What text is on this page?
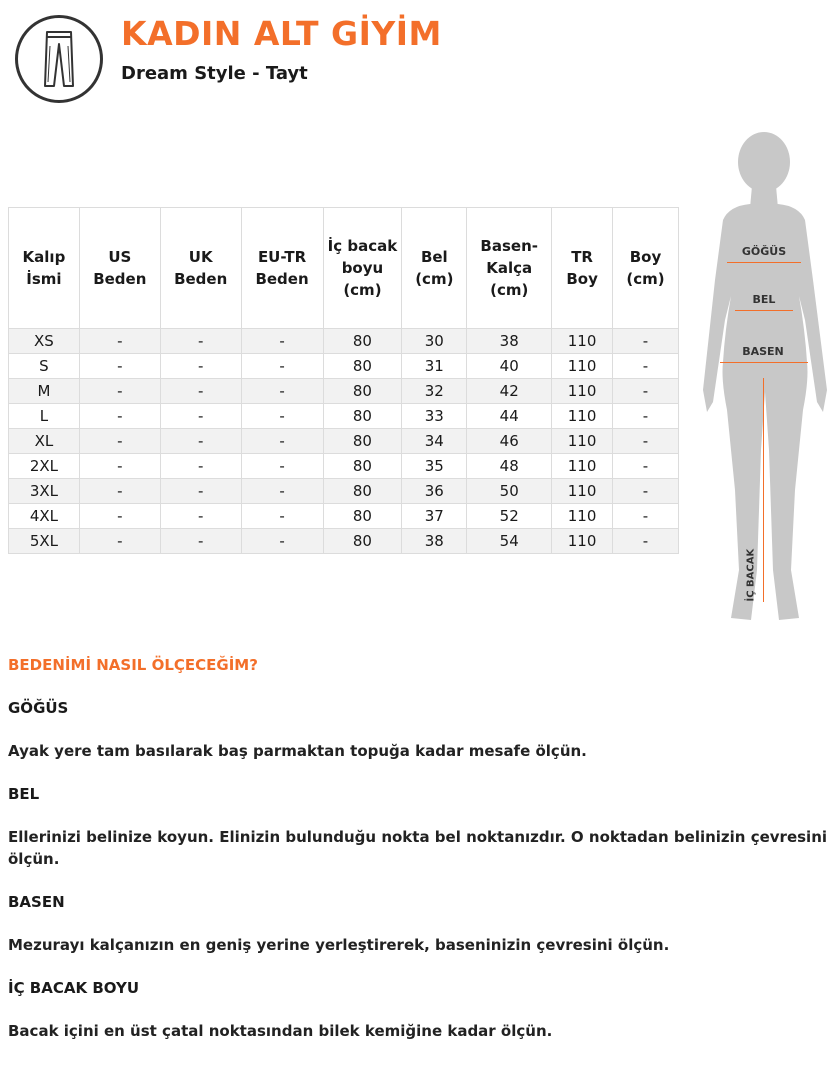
KADIN ALT GİYİM
Dream Style - Tayt
Kalıp İsmi	US Beden	UK Beden	EU-TR Beden	İç bacak boyu (cm)	Bel (cm)	Basen-Kalça (cm)	TR Boy	Boy (cm)
XS	-	-	-	80	30	38	110	-
S	-	-	-	80	31	40	110	-
M	-	-	-	80	32	42	110	-
L	-	-	-	80	33	44	110	-
XL	-	-	-	80	34	46	110	-
2XL	-	-	-	80	35	48	110	-
3XL	-	-	-	80	36	50	110	-
4XL	-	-	-	80	37	52	110	-
5XL	-	-	-	80	38	54	110	-
GÖĞÜS
BEL
BASEN
İÇ BACAK
BEDENİMİ NASIL ÖLÇECEĞİM?
GÖĞÜS
Ayak yere tam basılarak baş parmaktan topuğa kadar mesafe ölçün.
BEL
Ellerinizi belinize koyun. Elinizin bulunduğu nokta bel noktanızdır. O noktadan belinizin çevresini ölçün.
BASEN
Mezurayı kalçanızın en geniş yerine yerleştirerek, baseninizin çevresini ölçün.
İÇ BACAK BOYU
Bacak içini en üst çatal noktasından bilek kemiğine kadar ölçün.
